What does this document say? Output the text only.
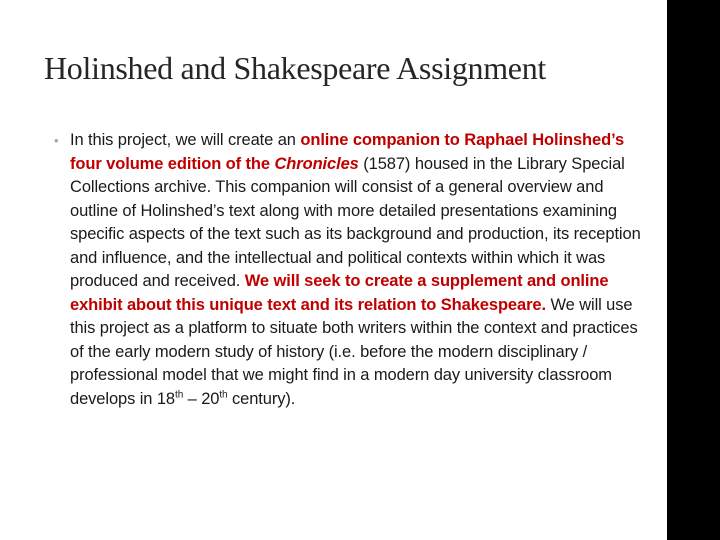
Holinshed and Shakespeare Assignment
• In this project, we will create an online companion to Raphael Holinshed’s four volume edition of the Chronicles (1587) housed in the Library Special Collections archive. This companion will consist of a general overview and outline of Holinshed’s text along with more detailed presentations examining specific aspects of the text such as its background and production, its reception and influence, and the intellectual and political contexts within which it was produced and received. We will seek to create a supplement and online exhibit about this unique text and its relation to Shakespeare. We will use this project as a platform to situate both writers within the context and practices of the early modern study of history (i.e. before the modern disciplinary / professional model that we might find in a modern day university classroom develops in 18th – 20th century).
